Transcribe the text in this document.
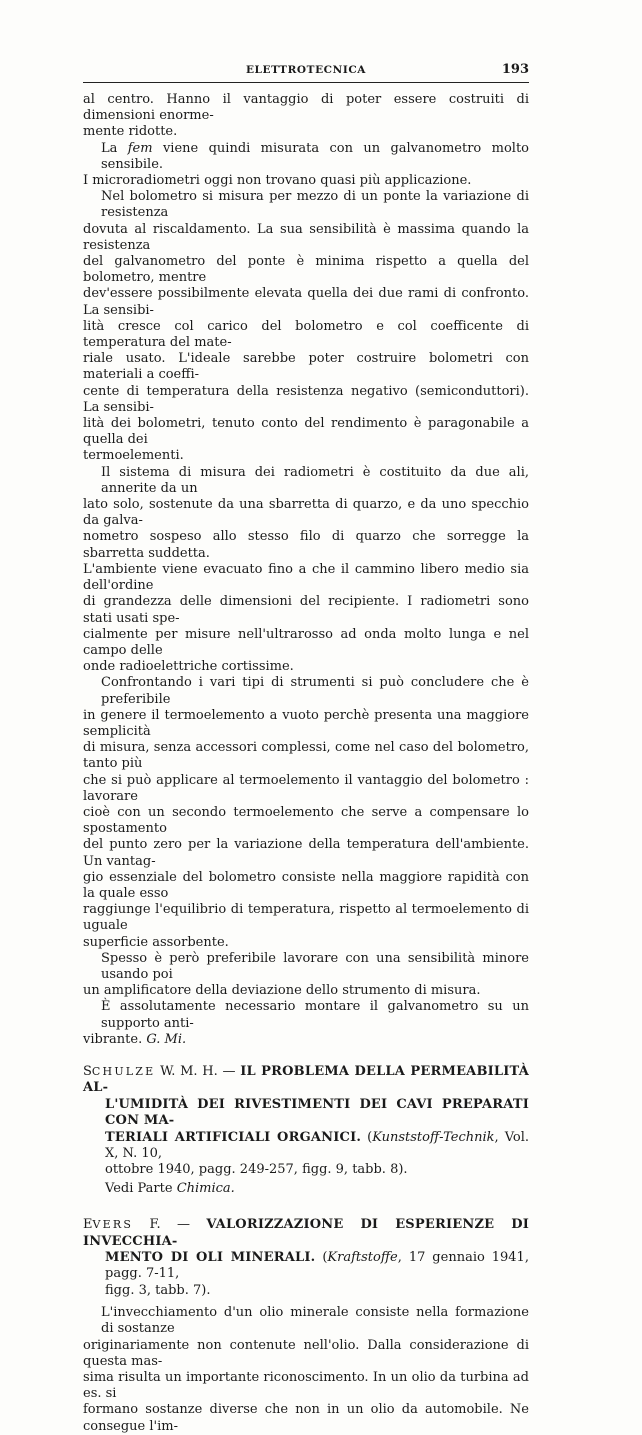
ELETTROTECNICA	193
al centro. Hanno il vantaggio di poter essere costruiti di dimensioni enorme-
mente ridotte.
La fem viene quindi misurata con un galvanometro molto sensibile.
I microradiometri oggi non trovano quasi più applicazione.
Nel bolometro si misura per mezzo di un ponte la variazione di resistenza
dovuta al riscaldamento. La sua sensibilità è massima quando la resistenza
del galvanometro del ponte è minima rispetto a quella del bolometro, mentre
dev'essere possibilmente elevata quella dei due rami di confronto. La sensibi-
lità cresce col carico del bolometro e col coefficente di temperatura del mate-
riale usato. L'ideale sarebbe poter costruire bolometri con materiali a coeffi-
cente di temperatura della resistenza negativo (semiconduttori). La sensibi-
lità dei bolometri, tenuto conto del rendimento è paragonabile a quella dei
termoelementi.
Il sistema di misura dei radiometri è costituito da due ali, annerite da un
lato solo, sostenute da una sbarretta di quarzo, e da uno specchio da galva-
nometro sospeso allo stesso filo di quarzo che sorregge la sbarretta suddetta.
L'ambiente viene evacuato fino a che il cammino libero medio sia dell'ordine
di grandezza delle dimensioni del recipiente. I radiometri sono stati usati spe-
cialmente per misure nell'ultrarosso ad onda molto lunga e nel campo delle
onde radioelettriche cortissime.
Confrontando i vari tipi di strumenti si può concludere che è preferibile
in genere il termoelemento a vuoto perchè presenta una maggiore semplicità
di misura, senza accessori complessi, come nel caso del bolometro, tanto più
che si può applicare al termoelemento il vantaggio del bolometro : lavorare
cioè con un secondo termoelemento che serve a compensare lo spostamento
del punto zero per la variazione della temperatura dell'ambiente. Un vantag-
gio essenziale del bolometro consiste nella maggiore rapidità con la quale esso
raggiunge l'equilibrio di temperatura, rispetto al termoelemento di uguale
superficie assorbente.
Spesso è però preferibile lavorare con una sensibilità minore usando poi
un amplificatore della deviazione dello strumento di misura.
È assolutamente necessario montare il galvanometro su un supporto anti-
vibrante. G. Mi.
SCHULZE W. M. H. — IL PROBLEMA DELLA PERMEABILITÀ AL-
L'UMIDITÀ DEI RIVESTIMENTI DEI CAVI PREPARATI CON MA-
TERIALI ARTIFICIALI ORGANICI. (Kunststoff-Technik, Vol. X, N. 10,
ottobre 1940, pagg. 249-257, figg. 9, tabb. 8).
Vedi Parte Chimica.
EVERS F. — VALORIZZAZIONE DI ESPERIENZE DI INVECCHIA-
MENTO DI OLI MINERALI. (Kraftstoffe, 17 gennaio 1941, pagg. 7-11,
figg. 3, tabb. 7).
L'invecchiamento d'un olio minerale consiste nella formazione di sostanze
originariamente non contenute nell'olio. Dalla considerazione di questa mas-
sima risulta un importante riconoscimento. In un olio da turbina ad es. si
formano sostanze diverse che non in un olio da automobile. Ne consegue l'im-
